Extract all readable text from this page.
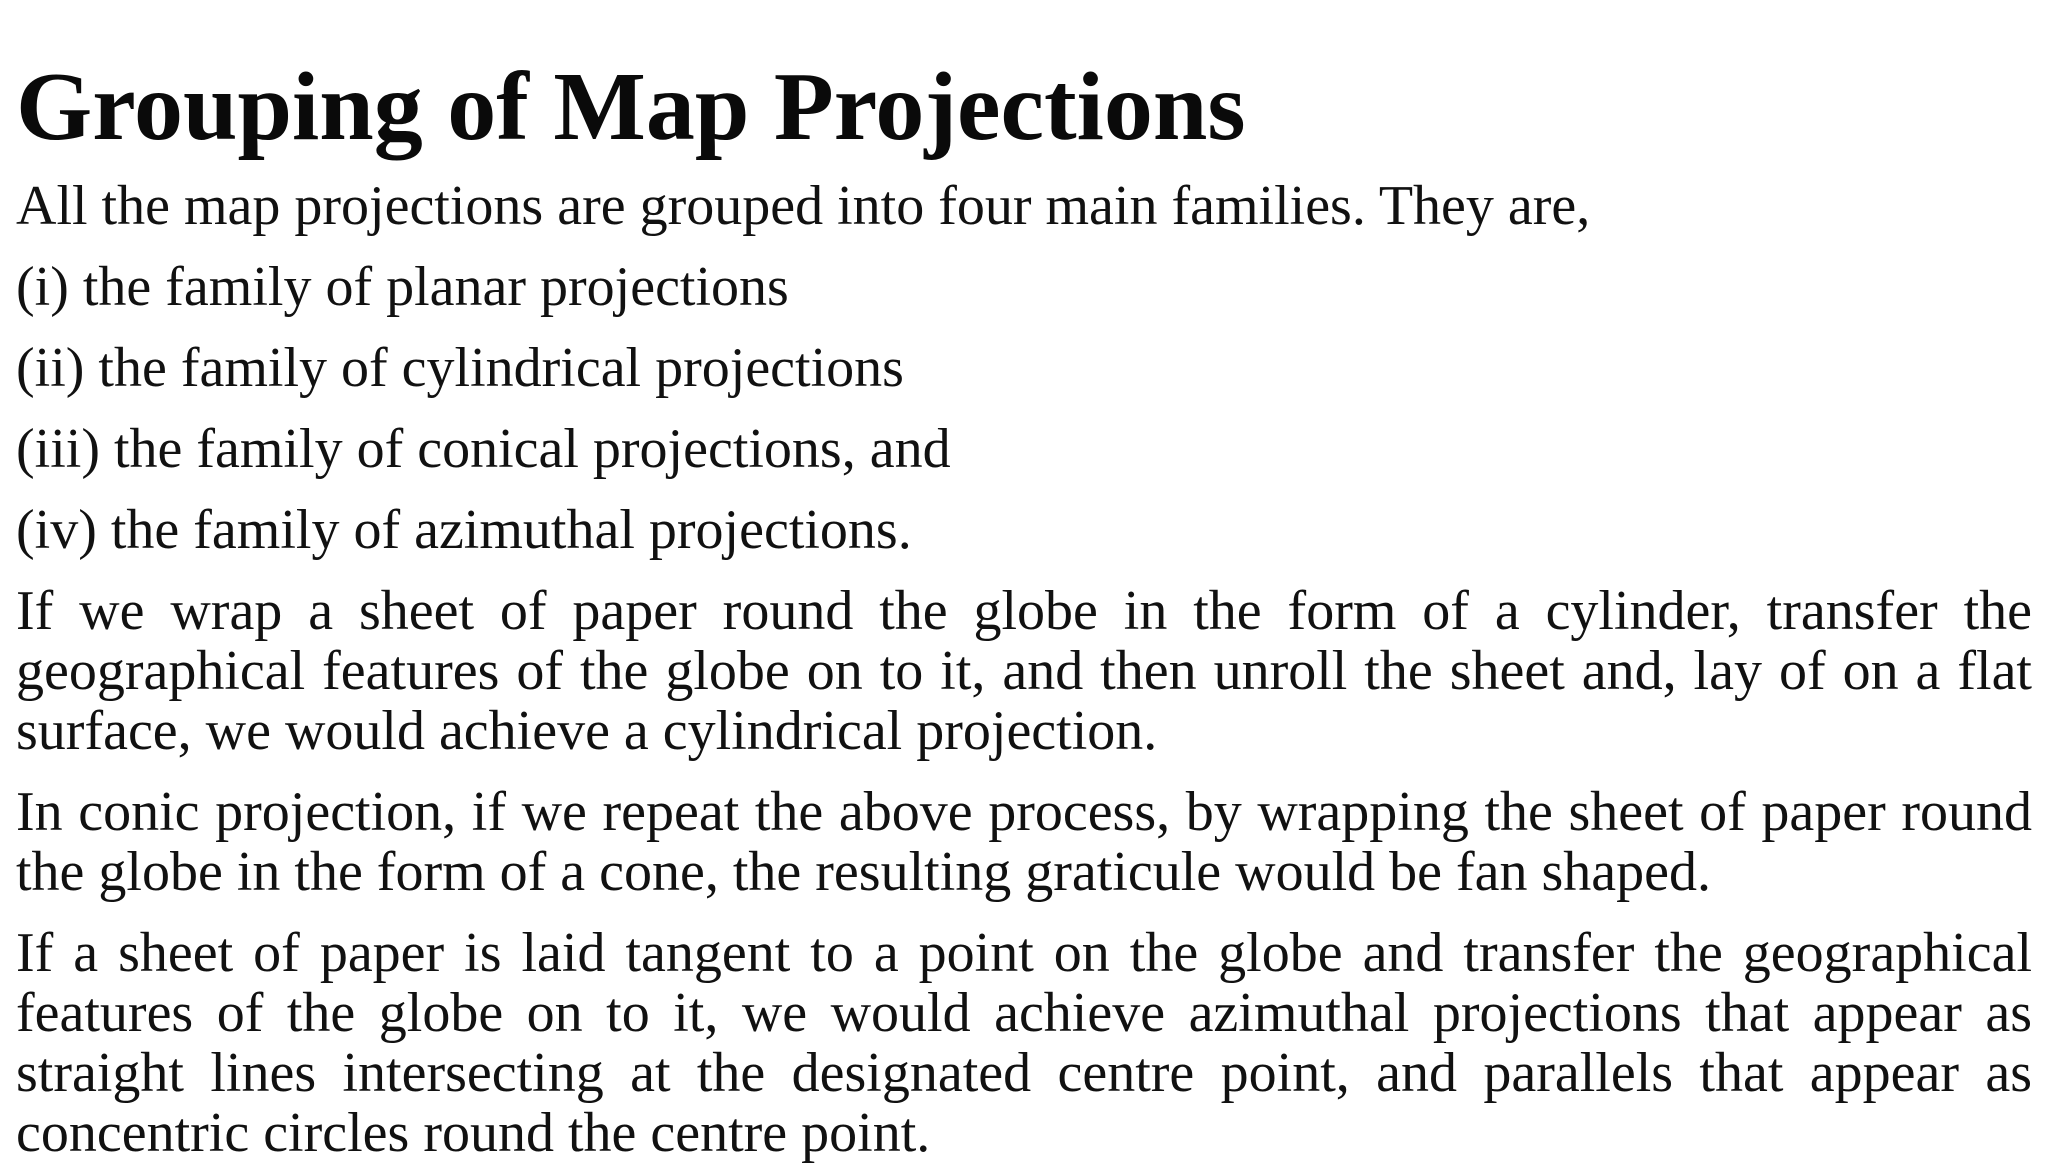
Grouping of Map Projections

All the map projections are grouped into four main families. They are,

(i) the family of planar projections

(ii) the family of cylindrical projections

(iii) the family of conical projections, and

(iv) the family of azimuthal projections.

If we wrap a sheet of paper round the globe in the form of a cylinder, transfer the geographical features of the globe on to it, and then unroll the sheet and, lay of on a flat surface, we would achieve a cylindrical projection.

In conic projection, if we repeat the above process, by wrapping the sheet of paper round the globe in the form of a cone, the resulting graticule would be fan shaped.

If a sheet of paper is laid tangent to a point on the globe and transfer the geographical features of the globe on to it, we would achieve azimuthal projections that appear as straight lines intersecting at the designated centre point, and parallels that appear as concentric circles round the centre point.
